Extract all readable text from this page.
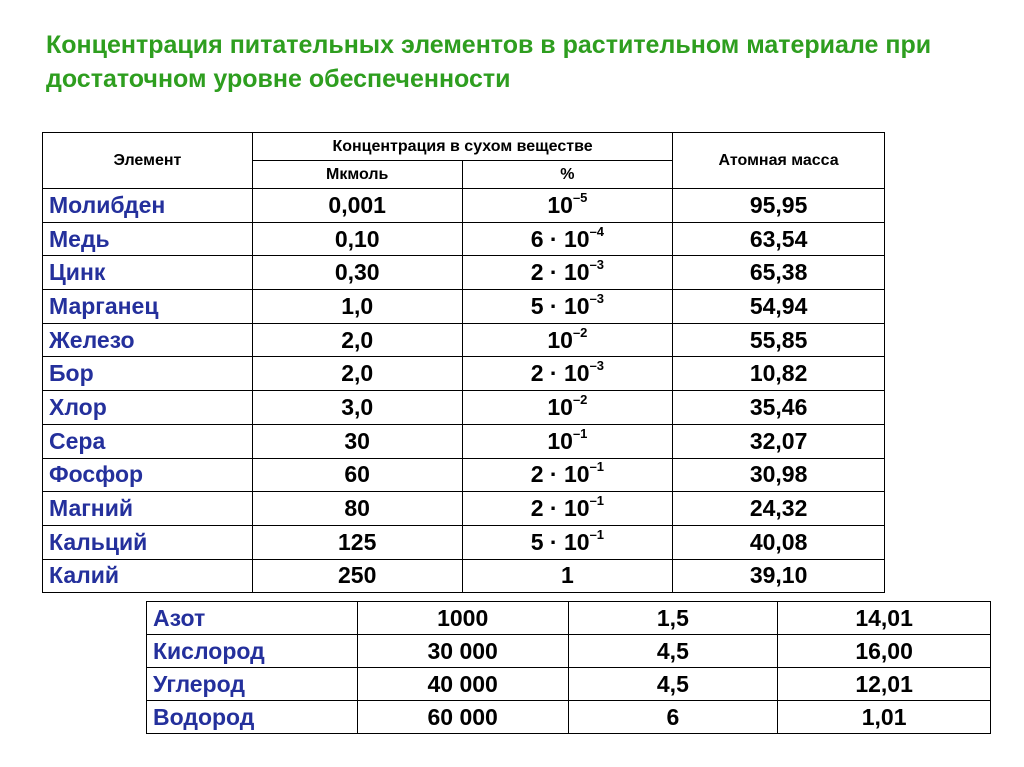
Концентрация питательных элементов в растительном материале при достаточном уровне обеспеченности
Элемент	Концентрация в сухом веществе		Атомная масса
	Мкмоль	%	
Молибден	0,001	$10^{-5}$	95,95
Медь	0,10	$6 \cdot 10^{-4}$	63,54
Цинк	0,30	$2 \cdot 10^{-3}$	65,38
Марганец	1,0	$5 \cdot 10^{-3}$	54,94
Железо	2,0	$10^{-2}$	55,85
Бор	2,0	$2 \cdot 10^{-3}$	10,82
Хлор	3,0	$10^{-2}$	35,46
Сера	30	$10^{-1}$	32,07
Фосфор	60	$2 \cdot 10^{-1}$	30,98
Магний	80	$2 \cdot 10^{-1}$	24,32
Кальций	125	$5 \cdot 10^{-1}$	40,08
Калий	250	1	39,10
Азот	1000	1,5	14,01
Кислород	30 000	4,5	16,00
Углерод	40 000	4,5	12,01
Водород	60 000	6	1,01
